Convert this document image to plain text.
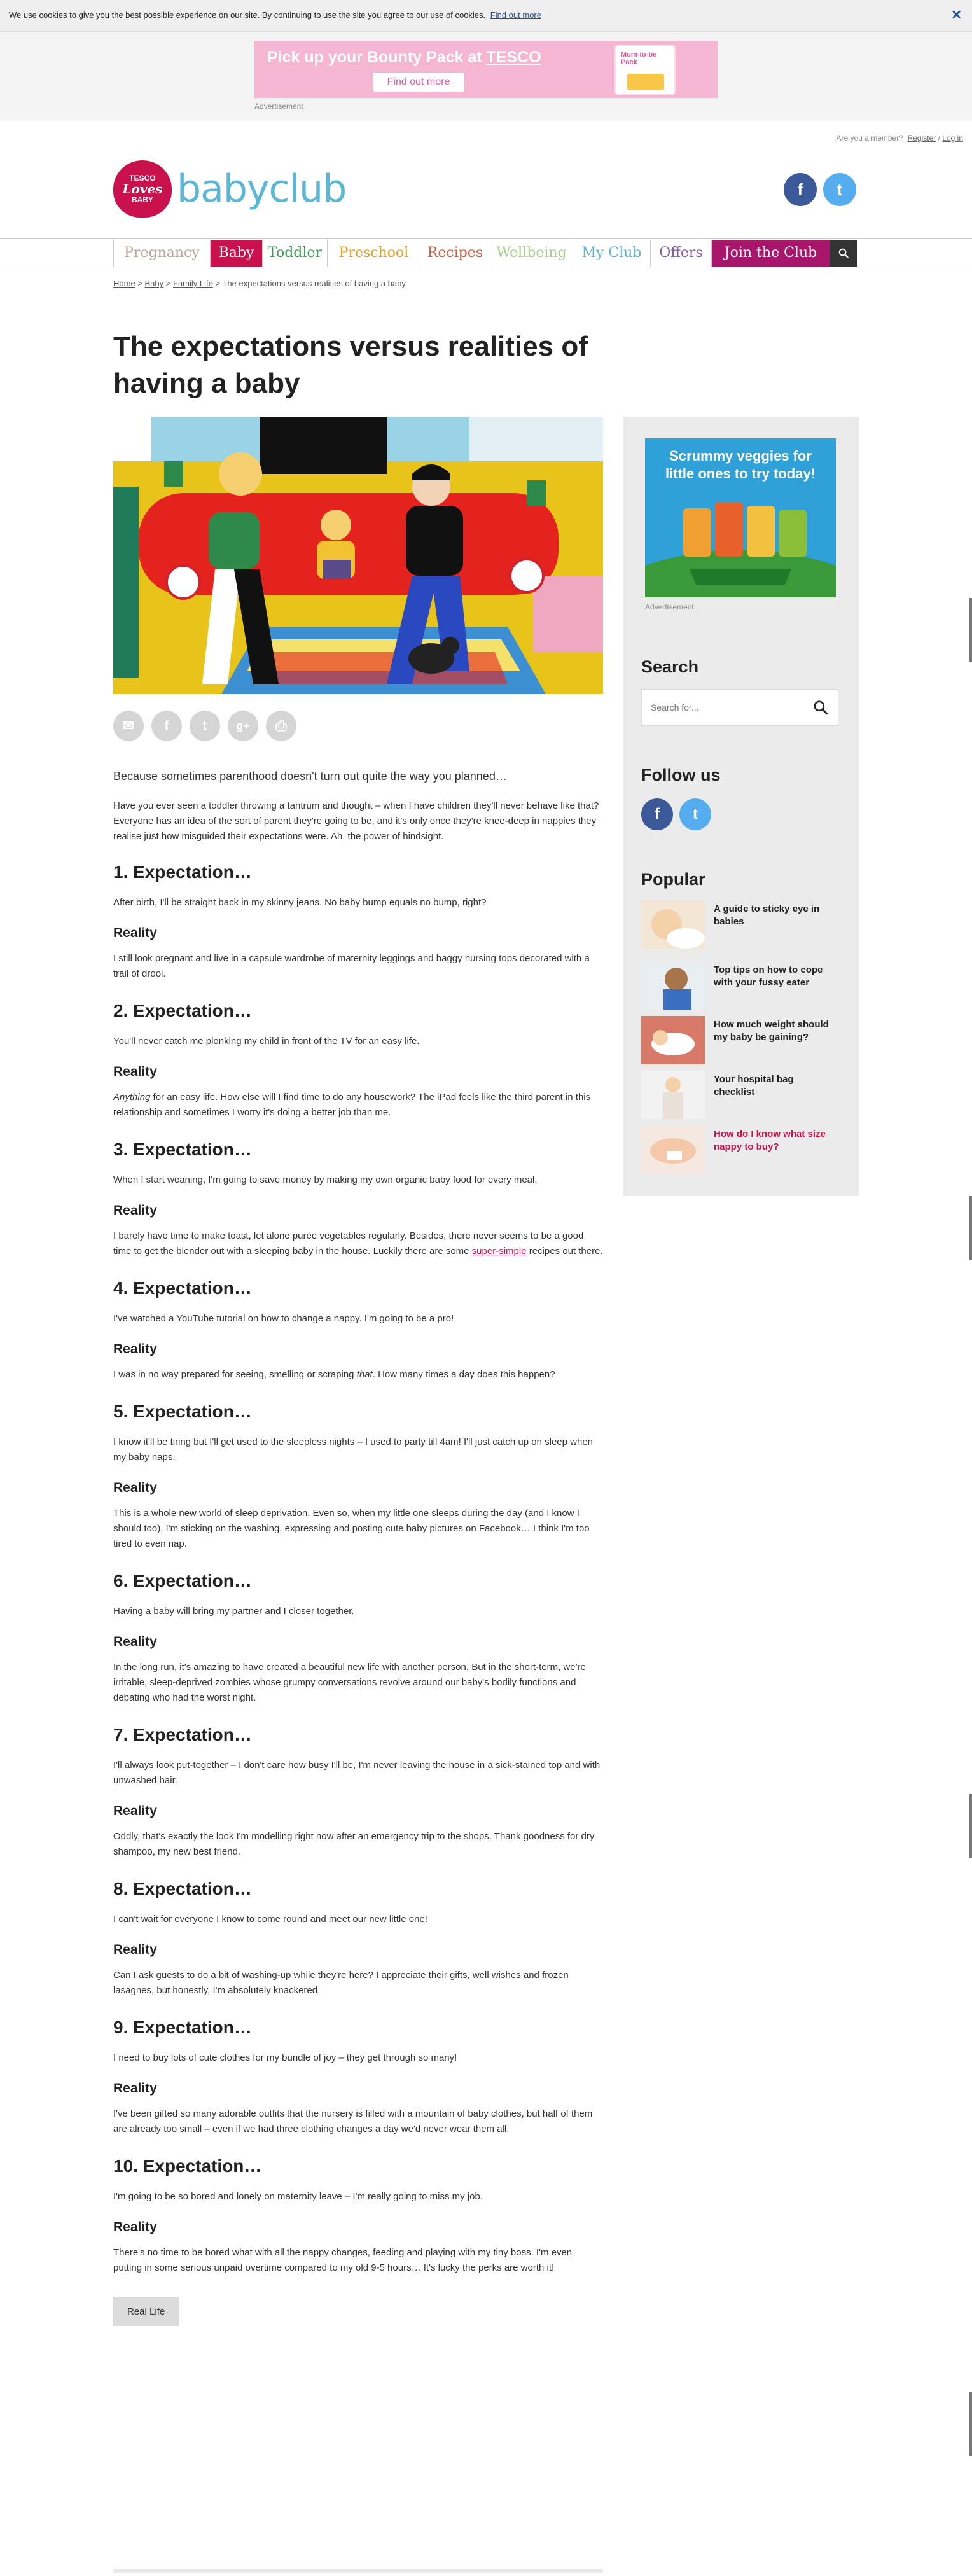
We use cookies to give you the best possible experience on our site. By continuing to use the site you agree to our use of cookies. Find out more	✕
Pick up your Bounty Pack at TESCO
Find out more
Mum-to-be Pack
Advertisement
Are you a member? Register / Log in
TESCO
Loves
BABY babyclub	f	t
Pregnancy	Baby Toddler	Preschool	Recipes Wellbeing	My Club	Offers	Join the Club
Home > Baby > Family Life > The expectations versus realities of having a baby
The expectations versus realities of having a baby
✉	f	t	g+	⎙

Because sometimes parenthood doesn't turn out quite the way you planned…

Have you ever seen a toddler throwing a tantrum and thought – when I have children they'll never behave like that? Everyone has an idea of the sort of parent they're going to be, and it's only once they're knee-deep in nappies they realise just how misguided their expectations were. Ah, the power of hindsight.

1. Expectation…

After birth, I'll be straight back in my skinny jeans. No baby bump equals no bump, right?

Reality

I still look pregnant and live in a capsule wardrobe of maternity leggings and baggy nursing tops decorated with a trail of drool.

2. Expectation…

You'll never catch me plonking my child in front of the TV for an easy life.

Reality

Anything for an easy life. How else will I find time to do any housework? The iPad feels like the third parent in this relationship and sometimes I worry it's doing a better job than me.

3. Expectation…

When I start weaning, I'm going to save money by making my own organic baby food for every meal.

Reality

I barely have time to make toast, let alone purée vegetables regularly. Besides, there never seems to be a good time to get the blender out with a sleeping baby in the house. Luckily there are some super-simple recipes out there.

4. Expectation…

I've watched a YouTube tutorial on how to change a nappy. I'm going to be a pro!

Reality

I was in no way prepared for seeing, smelling or scraping that. How many times a day does this happen?

5. Expectation…

I know it'll be tiring but I'll get used to the sleepless nights – I used to party till 4am! I'll just catch up on sleep when my baby naps.

Reality

This is a whole new world of sleep deprivation. Even so, when my little one sleeps during the day (and I know I should too), I'm sticking on the washing, expressing and posting cute baby pictures on Facebook… I think I'm too tired to even nap.

6. Expectation…

Having a baby will bring my partner and I closer together.

Reality

In the long run, it's amazing to have created a beautiful new life with another person. But in the short-term, we're irritable, sleep-deprived zombies whose grumpy conversations revolve around our baby's bodily functions and debating who had the worst night.

7. Expectation…

I'll always look put-together – I don't care how busy I'll be, I'm never leaving the house in a sick-stained top and with unwashed hair.

Reality

Oddly, that's exactly the look I'm modelling right now after an emergency trip to the shops. Thank goodness for dry shampoo, my new best friend.

8. Expectation…

I can't wait for everyone I know to come round and meet our new little one!

Reality

Can I ask guests to do a bit of washing-up while they're here? I appreciate their gifts, well wishes and frozen lasagnes, but honestly, I'm absolutely knackered.

9. Expectation…

I need to buy lots of cute clothes for my bundle of joy – they get through so many!

Reality

I've been gifted so many adorable outfits that the nursery is filled with a mountain of baby clothes, but half of them are already too small – even if we had three clothing changes a day we'd never wear them all.

10. Expectation…

I'm going to be so bored and lonely on maternity leave – I'm really going to miss my job.

Reality

There's no time to be bored what with all the nappy changes, feeding and playing with my tiny boss. I'm even putting in some serious unpaid overtime compared to my old 9-5 hours… It's lucky the perks are worth it!

Real Life
Scrummy veggies for little ones to try today!
Advertisement
Search
Search for...
Follow us
f	t
Popular
A guide to sticky eye in babies
Top tips on how to cope with your fussy eater
How much weight should my baby be gaining?
Your hospital bag checklist
How do I know what size nappy to buy?
